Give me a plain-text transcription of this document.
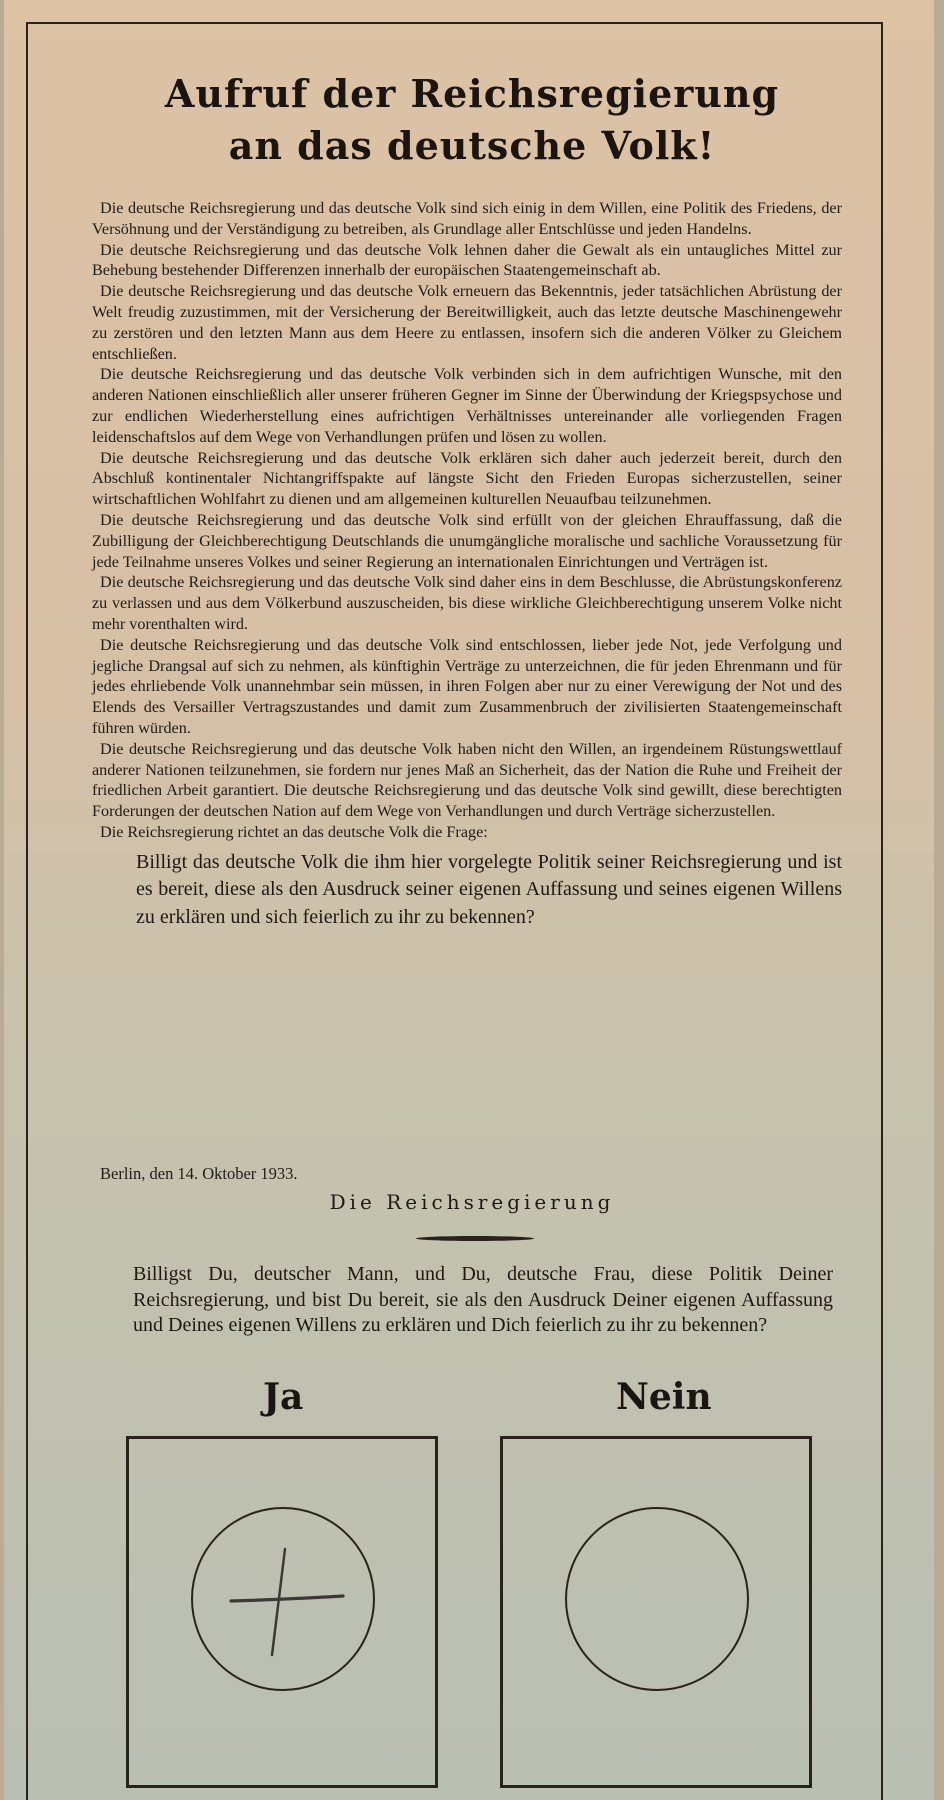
Aufruf der Reichsregierung
an das deutsche Volk!

Die deutsche Reichsregierung und das deutsche Volk sind sich einig in dem Willen, eine Politik des Friedens, der Versöhnung und der Verständigung zu betreiben, als Grundlage aller Entschlüsse und jeden Handelns.

Die deutsche Reichsregierung und das deutsche Volk lehnen daher die Gewalt als ein untaugliches Mittel zur Behebung bestehender Differenzen innerhalb der europäischen Staatengemeinschaft ab.

Die deutsche Reichsregierung und das deutsche Volk erneuern das Bekenntnis, jeder tatsächlichen Abrüstung der Welt freudig zuzustimmen, mit der Versicherung der Bereitwilligkeit, auch das letzte deutsche Maschinengewehr zu zerstören und den letzten Mann aus dem Heere zu entlassen, insofern sich die anderen Völker zu Gleichem entschließen.

Die deutsche Reichsregierung und das deutsche Volk verbinden sich in dem aufrichtigen Wunsche, mit den anderen Nationen einschließlich aller unserer früheren Gegner im Sinne der Überwindung der Kriegspsychose und zur endlichen Wiederherstellung eines aufrichtigen Verhältnisses untereinander alle vorliegenden Fragen leidenschaftslos auf dem Wege von Verhandlungen prüfen und lösen zu wollen.

Die deutsche Reichsregierung und das deutsche Volk erklären sich daher auch jederzeit bereit, durch den Abschluß kontinentaler Nichtangriffspakte auf längste Sicht den Frieden Europas sicherzustellen, seiner wirtschaftlichen Wohlfahrt zu dienen und am allgemeinen kulturellen Neuaufbau teilzunehmen.

Die deutsche Reichsregierung und das deutsche Volk sind erfüllt von der gleichen Ehrauffassung, daß die Zubilligung der Gleichberechtigung Deutschlands die unumgängliche moralische und sachliche Voraussetzung für jede Teilnahme unseres Volkes und seiner Regierung an internationalen Einrichtungen und Verträgen ist.

Die deutsche Reichsregierung und das deutsche Volk sind daher eins in dem Beschlusse, die Abrüstungskonferenz zu verlassen und aus dem Völkerbund auszuscheiden, bis diese wirkliche Gleichberechtigung unserem Volke nicht mehr vorenthalten wird.

Die deutsche Reichsregierung und das deutsche Volk sind entschlossen, lieber jede Not, jede Verfolgung und jegliche Drangsal auf sich zu nehmen, als künftighin Verträge zu unterzeichnen, die für jeden Ehrenmann und für jedes ehrliebende Volk unannehmbar sein müssen, in ihren Folgen aber nur zu einer Verewigung der Not und des Elends des Versailler Vertragszustandes und damit zum Zusammenbruch der zivilisierten Staatengemeinschaft führen würden.

Die deutsche Reichsregierung und das deutsche Volk haben nicht den Willen, an irgendeinem Rüstungswettlauf anderer Nationen teilzunehmen, sie fordern nur jenes Maß an Sicherheit, das der Nation die Ruhe und Freiheit der friedlichen Arbeit garantiert. Die deutsche Reichsregierung und das deutsche Volk sind gewillt, diese berechtigten Forderungen der deutschen Nation auf dem Wege von Verhandlungen und durch Verträge sicherzustellen.

Die Reichsregierung richtet an das deutsche Volk die Frage:

Billigt das deutsche Volk die ihm hier vorgelegte Politik seiner Reichsregierung und ist es bereit, diese als den Ausdruck seiner eigenen Auffassung und seines eigenen Willens zu erklären und sich feierlich zu ihr zu bekennen?

Berlin, den 14. Oktober 1933.
Die Reichsregierung

Billigst Du, deutscher Mann, und Du, deutsche Frau, diese Politik Deiner Reichsregierung, und bist Du bereit, sie als den Ausdruck Deiner eigenen Auffassung und Deines eigenen Willens zu erklären und Dich feierlich zu ihr zu bekennen?

Ja	Nein
